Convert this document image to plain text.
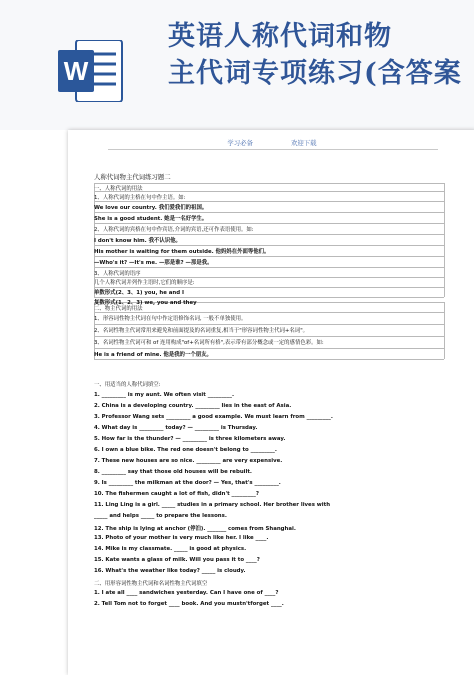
W
英语人称代词和物
主代词专项练习(含答案
学习必备	欢迎下载
人称代词物主代词练习题二
一、人称代词的用法
1、人称代词的主格在句中作主语。如:
We love our country. 我们爱我们的祖国。
She is a good student. 她是一名好学生。
2、人称代词的宾格在句中作宾语,介词的宾语,还可作表语使用。如:
I don't know him. 我不认识他。
His mother is waiting for them outside. 他妈妈在外面等他们。
—Who's it? —It's me. —那是谁? —那是我。
3、人称代词的语序
几个人称代词并列作主语时,它们的顺序是:
单数形式(2、3、1) you, he and I
复数形式(1、2、3) we, you and they
二、物主代词的用法
1、形容词性物主代词在句中作定语修饰名词, 一般不单独使用。
2、名词性物主代词常用来避免和前面提及的名词重复,相当于"形容词性物主代词+名词"。
3、名词性物主代词可和 of 连用构成"of+名词所有格",表示带有部分概念或一定的感情色彩。如:
He is a friend of mine. 他是我的一个朋友。
一、用适当的人称代词填空:
1. _________ is my aunt. We often visit _________.
2. China is a developing country. _________ lies in the east of Asia.
3. Professor Wang sets _________ a good example. We must learn from _________.
4. What day is _________ today? — _________ is Thursday.
5. How far is the thunder? — _________ is three kilometers away.
6. I own a blue bike. The red one doesn't belong to _________.
7. These new houses are so nice. _________ are very expensive.
8. _________ say that those old houses will be rebuilt.
9. Is _________ the milkman at the door? — Yes, that's _________.
10. The fishermen caught a lot of fish, didn't _________?
11. Ling Ling is a girl. _____ studies in a primary school. Her brother lives with
_____ and helps _____ to prepare the lessons.
12. The ship is lying at anchor (停泊). _______ comes from Shanghai.
13. Photo of your mother is very much like her. I like ____.
14. Mike is my classmate. _____ is good at physics.
15. Kate wants a glass of milk. Will you pass it to ____?
16. What's the weather like today? _____ is cloudy.
二、用形容词性物主代词和名词性物主代词填空
1. I ate all ____ sandwiches yesterday. Can I have one of ____?
2. Tell Tom not to forget ____ book. And you mustn'tforget ____.
